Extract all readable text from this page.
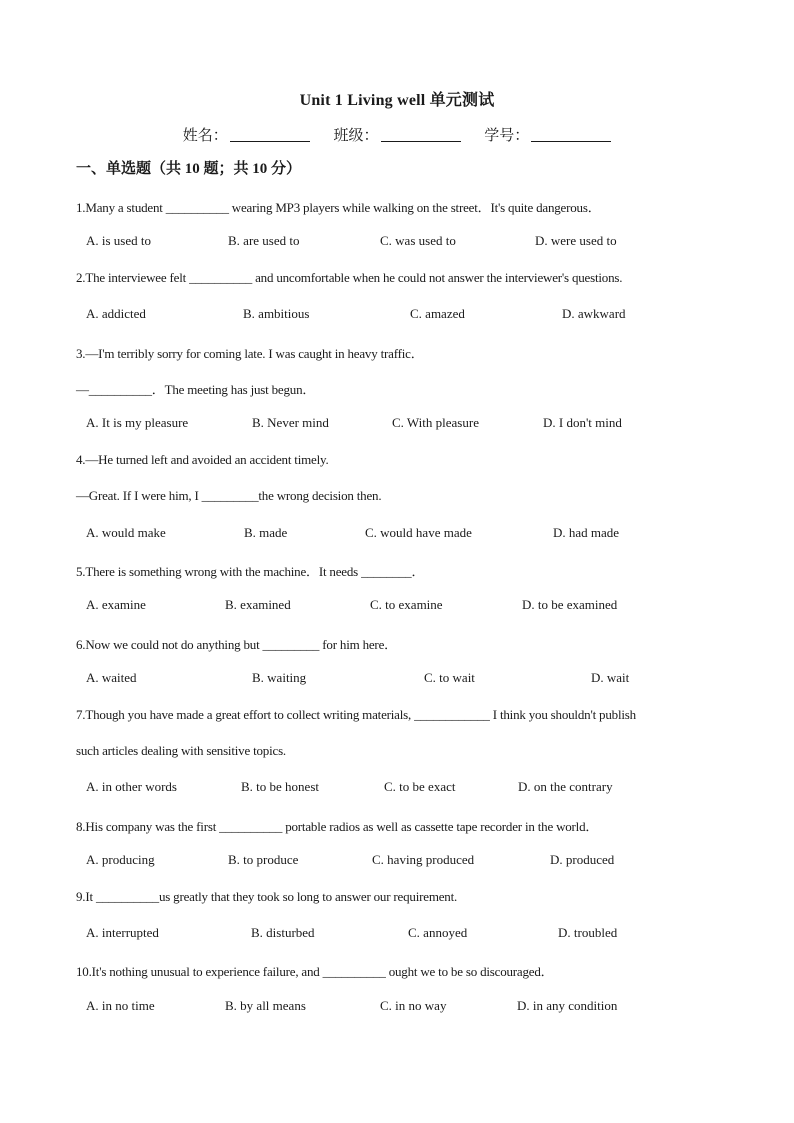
Unit 1 Living well 单元测试
姓名：	班级：	学号：
一、单选题（共 10 题；共 10 分）
1.Many a student __________ wearing MP3 players while walking on the street．It's quite dangerous．
A. is used to	B. are used to	C. was used to	D. were used to
2.The interviewee felt __________ and uncomfortable when he could not answer the interviewer's questions.
A. addicted	B. ambitious	C. amazed	D. awkward
3.—I'm terribly sorry for coming late. I was caught in heavy traffic．
—__________．The meeting has just begun．
A. It is my pleasure	B. Never mind	C. With pleasure	D. I don't mind
4.—He turned left and avoided an accident timely.
—Great. If I were him, I _________the wrong decision then.
A. would make	B. made	C. would have made	D. had made
5.There is something wrong with the machine．It needs ________．
A. examine	B. examined	C. to examine	D. to be examined
6.Now we could not do anything but _________ for him here．
A. waited	B. waiting	C. to wait	D. wait
7.Though you have made a great effort to collect writing materials, ____________ I think you shouldn't publish
such articles dealing with sensitive topics.
A. in other words	B. to be honest	C. to be exact	D. on the contrary
8.His company was the first __________ portable radios as well as cassette tape recorder in the world．
A. producing	B. to produce	C. having produced	D. produced
9.It __________us greatly that they took so long to answer our requirement.
A. interrupted	B. disturbed	C. annoyed	D. troubled
10.It's nothing unusual to experience failure, and __________ ought we to be so discouraged．
A. in no time	B. by all means	C. in no way	D. in any condition
